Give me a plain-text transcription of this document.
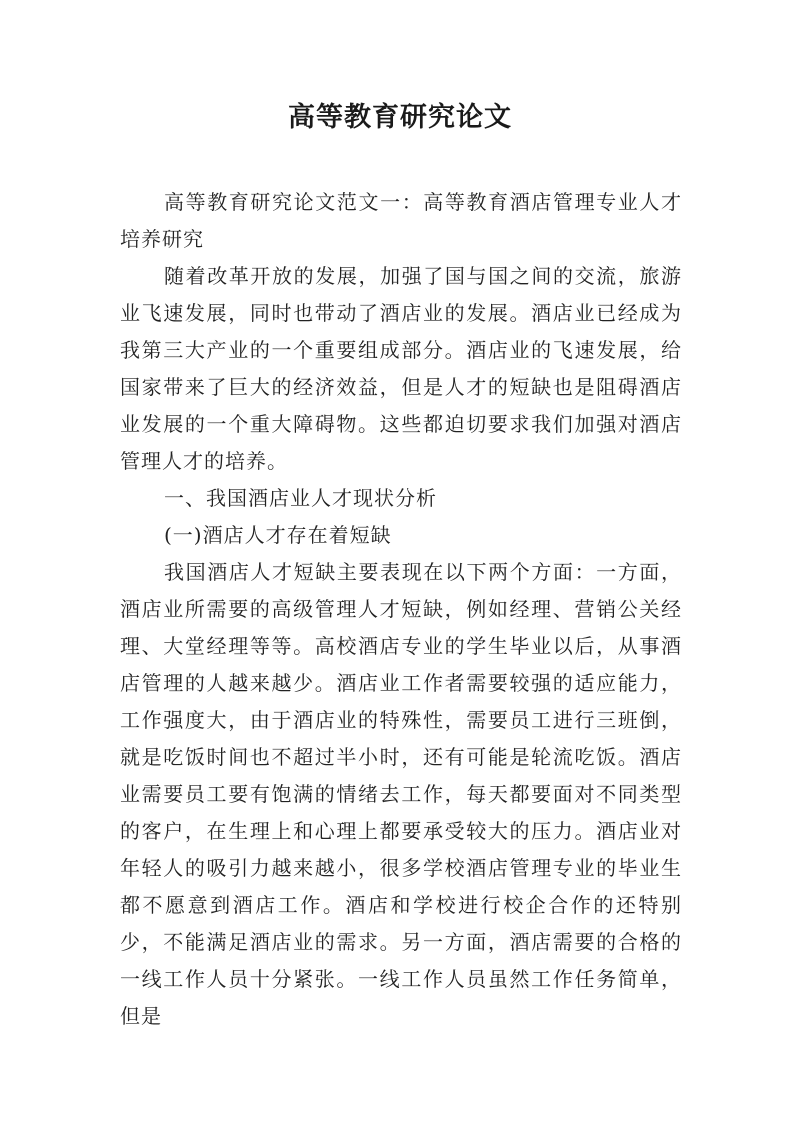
高等教育研究论文

高等教育研究论文范文一：高等教育酒店管理专业人才培养研究

随着改革开放的发展，加强了国与国之间的交流，旅游业飞速发展，同时也带动了酒店业的发展。酒店业已经成为我第三大产业的一个重要组成部分。酒店业的飞速发展，给国家带来了巨大的经济效益，但是人才的短缺也是阻碍酒店业发展的一个重大障碍物。这些都迫切要求我们加强对酒店管理人才的培养。

一、我国酒店业人才现状分析

(一)酒店人才存在着短缺

我国酒店人才短缺主要表现在以下两个方面：一方面，酒店业所需要的高级管理人才短缺，例如经理、营销公关经理、大堂经理等等。高校酒店专业的学生毕业以后，从事酒店管理的人越来越少。酒店业工作者需要较强的适应能力，工作强度大，由于酒店业的特殊性，需要员工进行三班倒，就是吃饭时间也不超过半小时，还有可能是轮流吃饭。酒店业需要员工要有饱满的情绪去工作，每天都要面对不同类型的客户，在生理上和心理上都要承受较大的压力。酒店业对年轻人的吸引力越来越小，很多学校酒店管理专业的毕业生都不愿意到酒店工作。酒店和学校进行校企合作的还特别少，不能满足酒店业的需求。另一方面，酒店需要的合格的一线工作人员十分紧张。一线工作人员虽然工作任务简单，但是
